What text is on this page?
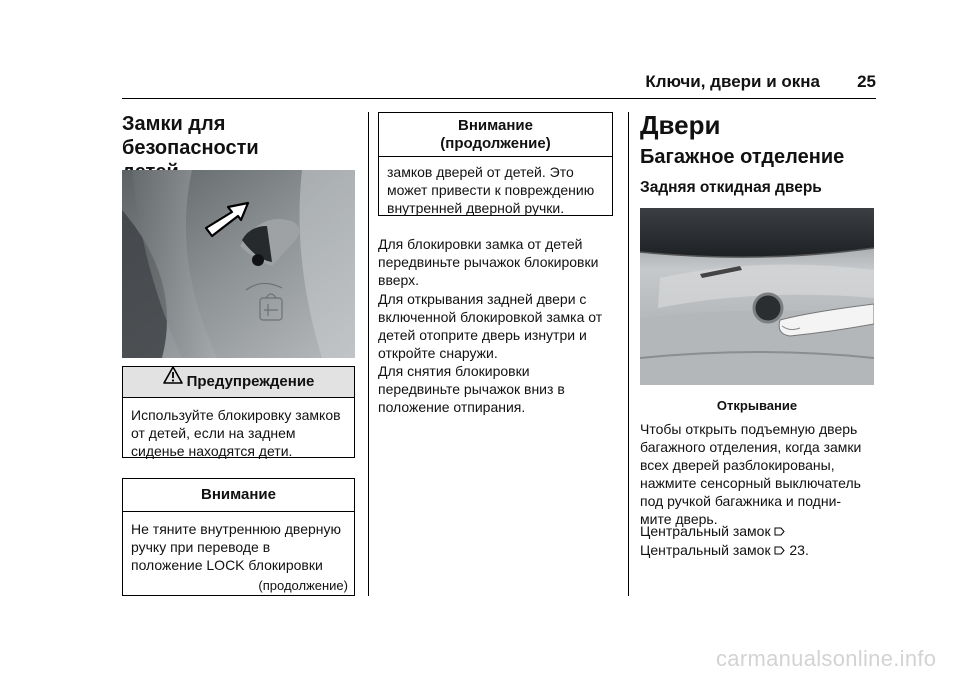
Ключи, двери и окна	25
Замки для безопасности
Предупреждение
Используйте блокировку замков
от детей, если на заднем
сиденье находятся дети.
Внимание
Не тяните внутреннюю дверную
ручку при переводе в
положение LOCK блокировки
(продолжение)
Внимание
(продолжение)
замков дверей от детей. Это
может привести к повреждению
внутренней дверной ручки.
Для блокировки замка от детей
передвиньте рычажок блокировки
вверх.
Для открывания задней двери с
включенной блокировкой замка от
детей отоприте дверь изнутри и
откройте снаружи.
Для снятия блокировки
передвиньте рычажок вниз в
положение отпирания.
Двери
Багажное отделение
Задняя откидная дверь
Открывание
Чтобы открыть подъемную дверь
багажного отделения, когда замки
всех дверей разблокированы,
нажмите сенсорный выключатель
под ручкой багажника и подни-
мите дверь.
Центральный замок
Центральный замок 23.
carmanualsonline.info
